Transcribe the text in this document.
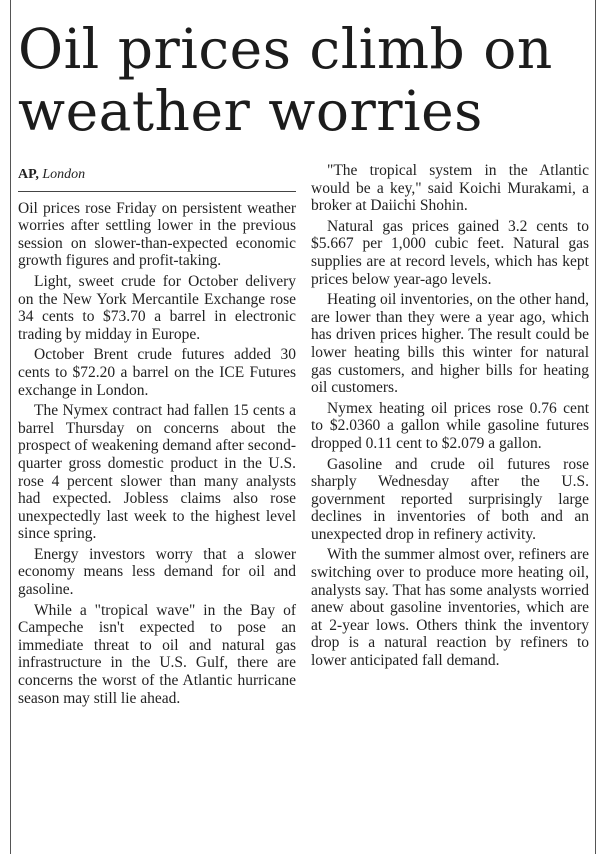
Oil prices climb on weather worries
AP, London

Oil prices rose Friday on persistent weather worries after settling lower in the previous session on slower-than-expected economic growth figures and profit-taking.

Light, sweet crude for October delivery on the New York Mercantile Exchange rose 34 cents to $73.70 a barrel in electronic trading by midday in Europe.

October Brent crude futures added 30 cents to $72.20 a barrel on the ICE Futures exchange in London.

The Nymex contract had fallen 15 cents a barrel Thursday on concerns about the prospect of weakening demand after second-quarter gross domestic product in the U.S. rose 4 percent slower than many analysts had expected. Jobless claims also rose unexpectedly last week to the highest level since spring.

Energy investors worry that a slower economy means less demand for oil and gasoline.

While a "tropical wave" in the Bay of Campeche isn't expected to pose an immediate threat to oil and natural gas infrastructure in the U.S. Gulf, there are concerns the worst of the Atlantic hurricane season may still lie ahead.

"The tropical system in the Atlantic would be a key," said Koichi Murakami, a broker at Daiichi Shohin.

Natural gas prices gained 3.2 cents to $5.667 per 1,000 cubic feet. Natural gas supplies are at record levels, which has kept prices below year-ago levels.

Heating oil inventories, on the other hand, are lower than they were a year ago, which has driven prices higher. The result could be lower heating bills this winter for natural gas customers, and higher bills for heating oil customers.

Nymex heating oil prices rose 0.76 cent to $2.0360 a gallon while gasoline futures dropped 0.11 cent to $2.079 a gallon.

Gasoline and crude oil futures rose sharply Wednesday after the U.S. government reported surprisingly large declines in inventories of both and an unexpected drop in refinery activity.

With the summer almost over, refiners are switching over to produce more heating oil, analysts say. That has some analysts worried anew about gasoline inventories, which are at 2-year lows. Others think the inventory drop is a natural reaction by refiners to lower anticipated fall demand.
